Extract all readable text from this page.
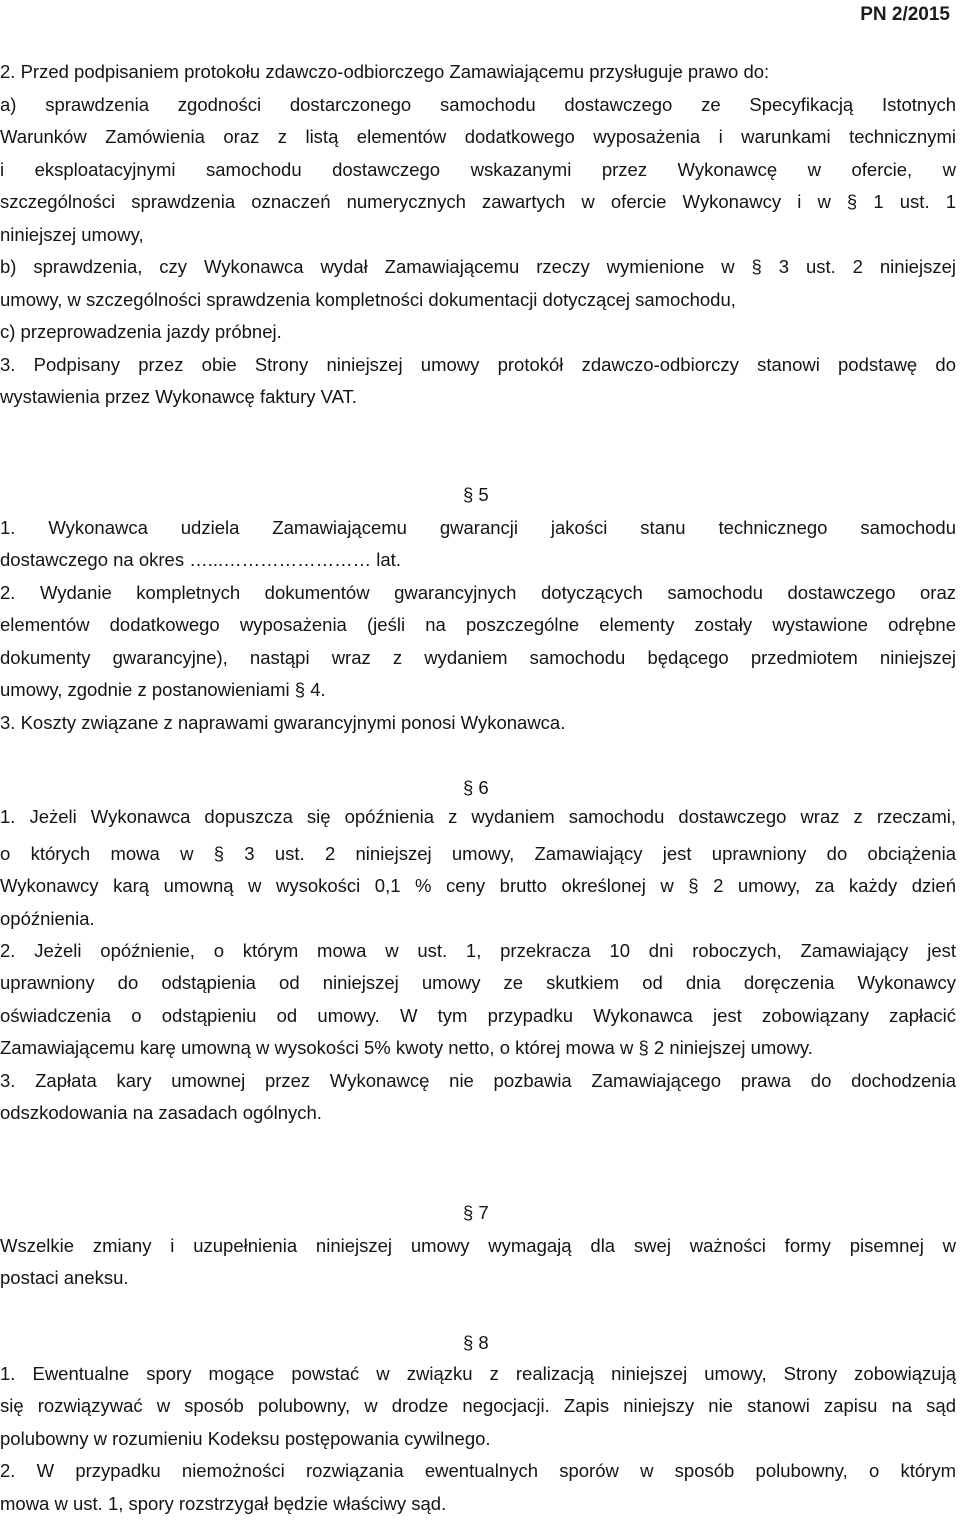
PN 2/2015
2. Przed podpisaniem protokołu zdawczo-odbiorczego Zamawiającemu przysługuje prawo do:
a) sprawdzenia zgodności dostarczonego samochodu dostawczego ze Specyfikacją Istotnych
Warunków Zamówienia oraz z listą elementów dodatkowego wyposażenia i warunkami technicznymi
i eksploatacyjnymi samochodu dostawczego wskazanymi przez Wykonawcę w ofercie, w
szczególności sprawdzenia oznaczeń numerycznych zawartych w ofercie Wykonawcy i w § 1 ust. 1
niniejszej umowy,
b) sprawdzenia, czy Wykonawca wydał Zamawiającemu rzeczy wymienione w § 3 ust. 2 niniejszej
umowy, w szczególności sprawdzenia kompletności dokumentacji dotyczącej samochodu,
c) przeprowadzenia jazdy próbnej.
3. Podpisany przez obie Strony niniejszej umowy protokół zdawczo-odbiorczy stanowi podstawę do
wystawienia przez Wykonawcę faktury VAT.
1. Wykonawca udziela Zamawiającemu gwarancji jakości stanu technicznego samochodu
dostawczego na okres …...…………………… lat.
2. Wydanie kompletnych dokumentów gwarancyjnych dotyczących samochodu dostawczego oraz
elementów dodatkowego wyposażenia (jeśli na poszczególne elementy zostały wystawione odrębne
dokumenty gwarancyjne), nastąpi wraz z wydaniem samochodu będącego przedmiotem niniejszej
umowy, zgodnie z postanowieniami § 4.
3. Koszty związane z naprawami gwarancyjnymi ponosi Wykonawca.
1. Jeżeli Wykonawca dopuszcza się opóźnienia z wydaniem samochodu dostawczego wraz z rzeczami,
o których mowa w § 3 ust. 2 niniejszej umowy, Zamawiający jest uprawniony do obciążenia
Wykonawcy karą umowną w wysokości 0,1 % ceny brutto określonej w § 2 umowy, za każdy dzień
opóźnienia.
2. Jeżeli opóźnienie, o którym mowa w ust. 1, przekracza 10 dni roboczych, Zamawiający jest
uprawniony do odstąpienia od niniejszej umowy ze skutkiem od dnia doręczenia Wykonawcy
oświadczenia o odstąpieniu od umowy. W tym przypadku Wykonawca jest zobowiązany zapłacić
Zamawiającemu karę umowną w wysokości 5% kwoty netto, o której mowa w § 2 niniejszej umowy.
3. Zapłata kary umownej przez Wykonawcę nie pozbawia Zamawiającego prawa do dochodzenia
odszkodowania na zasadach ogólnych.
Wszelkie zmiany i uzupełnienia niniejszej umowy wymagają dla swej ważności formy pisemnej w
postaci aneksu.
1. Ewentualne spory mogące powstać w związku z realizacją niniejszej umowy, Strony zobowiązują
się rozwiązywać w sposób polubowny, w drodze negocjacji. Zapis niniejszy nie stanowi zapisu na sąd
polubowny w rozumieniu Kodeksu postępowania cywilnego.
2. W przypadku niemożności rozwiązania ewentualnych sporów w sposób polubowny, o którym
mowa w ust. 1, spory rozstrzygał będzie właściwy sąd.
§ 5
§ 6
§ 7
§ 8
